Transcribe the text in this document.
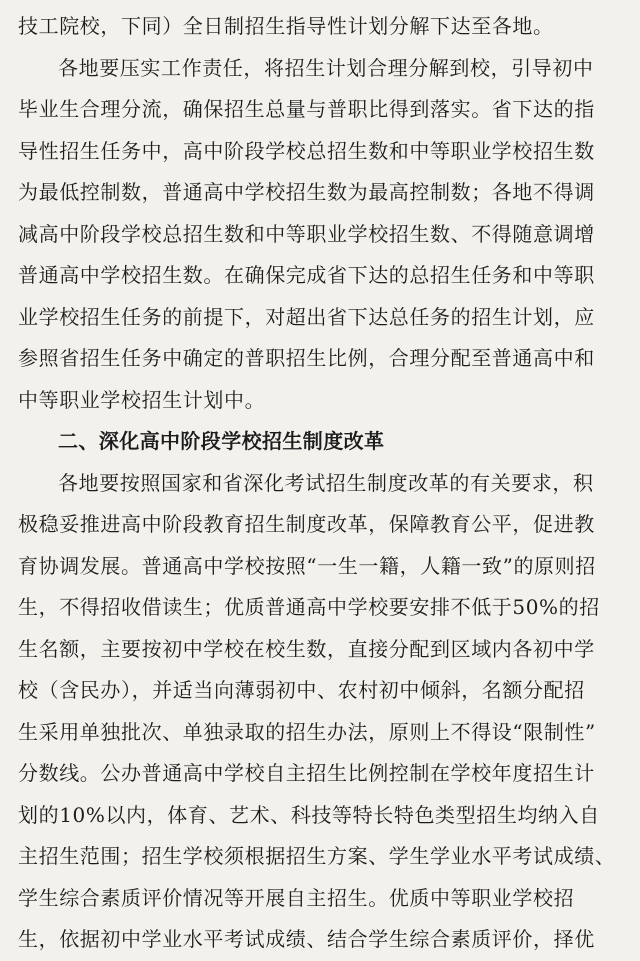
技工院校，下同）全日制招生指导性计划分解下达至各地。
各地要压实工作责任，将招生计划合理分解到校，引导初中
毕业生合理分流，确保招生总量与普职比得到落实。省下达的指
导性招生任务中，高中阶段学校总招生数和中等职业学校招生数
为最低控制数，普通高中学校招生数为最高控制数；各地不得调
减高中阶段学校总招生数和中等职业学校招生数、不得随意调增
普通高中学校招生数。在确保完成省下达的总招生任务和中等职
业学校招生任务的前提下，对超出省下达总任务的招生计划，应
参照省招生任务中确定的普职招生比例，合理分配至普通高中和
中等职业学校招生计划中。
二、深化高中阶段学校招生制度改革
各地要按照国家和省深化考试招生制度改革的有关要求，积
极稳妥推进高中阶段教育招生制度改革，保障教育公平，促进教
育协调发展。普通高中学校按照“一生一籍，人籍一致”的原则招
生，不得招收借读生；优质普通高中学校要安排不低于50%的招
生名额，主要按初中学校在校生数，直接分配到区域内各初中学
校（含民办），并适当向薄弱初中、农村初中倾斜，名额分配招
生采用单独批次、单独录取的招生办法，原则上不得设“限制性”
分数线。公办普通高中学校自主招生比例控制在学校年度招生计
划的10%以内，体育、艺术、科技等特长特色类型招生均纳入自
主招生范围；招生学校须根据招生方案、学生学业水平考试成绩、
学生综合素质评价情况等开展自主招生。优质中等职业学校招
生，依据初中学业水平考试成绩、结合学生综合素质评价，择优
